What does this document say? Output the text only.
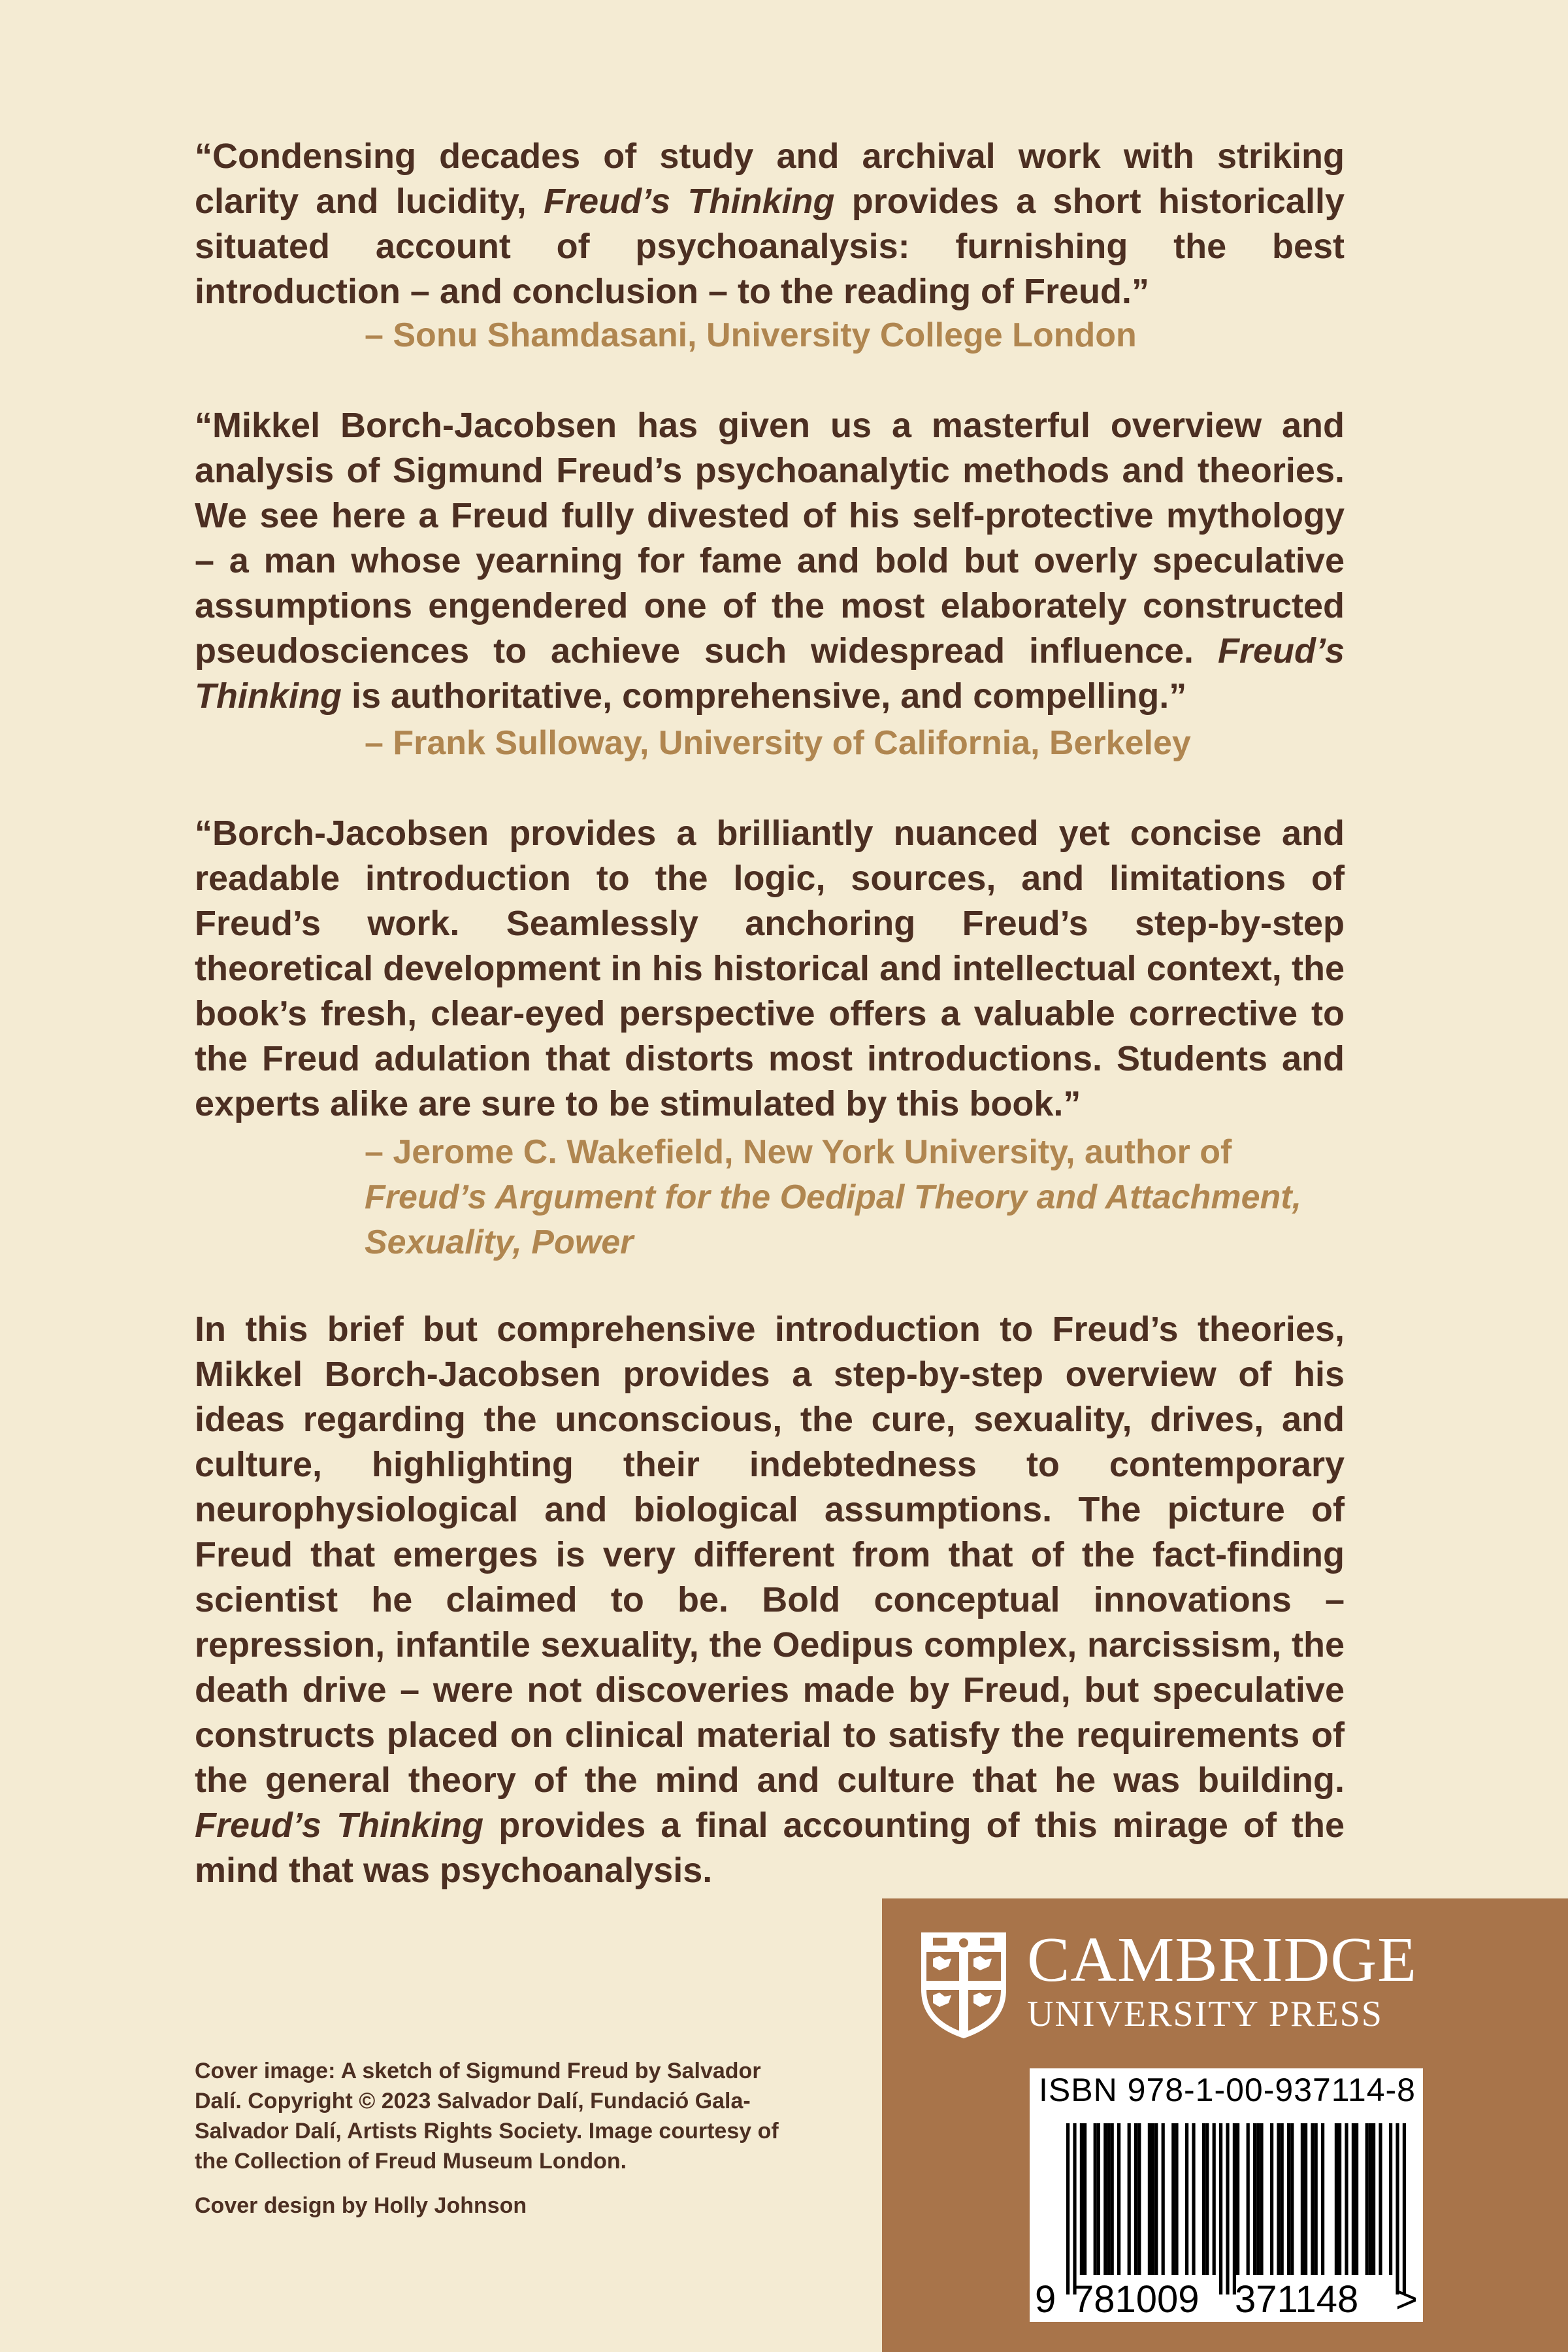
“Condensing decades of study and archival work with striking clarity and lucidity, Freud’s Thinking provides a short historically situated account of psychoanalysis: furnishing the best introduction – and conclusion – to the reading of Freud.”

– Sonu Shamdasani, University College London

“Mikkel Borch-Jacobsen has given us a masterful overview and analysis of Sigmund Freud’s psychoanalytic methods and theories. We see here a Freud fully divested of his self-protective mythology – a man whose yearning for fame and bold but overly speculative assumptions engendered one of the most elaborately constructed pseudosciences to achieve such widespread influence. Freud’s Thinking is authoritative, comprehensive, and compelling.”

– Frank Sulloway, University of California, Berkeley

“Borch-Jacobsen provides a brilliantly nuanced yet concise and readable introduction to the logic, sources, and limitations of Freud’s work. Seamlessly anchoring Freud’s step-by-step theoretical development in his historical and intellectual context, the book’s fresh, clear-eyed perspective offers a valuable corrective to the Freud adulation that distorts most introductions. Students and experts alike are sure to be stimulated by this book.”

– Jerome C. Wakefield, New York University, author of
Freud’s Argument for the Oedipal Theory and Attachment,
Sexuality, Power
In this brief but comprehensive introduction to Freud’s theories, Mikkel Borch-Jacobsen provides a step-by-step overview of his ideas regarding the unconscious, the cure, sexuality, drives, and culture, highlighting their indebtedness to contemporary neurophysiological and biological assumptions. The picture of Freud that emerges is very different from that of the fact-finding scientist he claimed to be. Bold conceptual innovations – repression, infantile sexuality, the Oedipus complex, narcissism, the death drive – were not discoveries made by Freud, but speculative constructs placed on clinical material to satisfy the requirements of the general theory of the mind and culture that he was building. Freud’s Thinking provides a final accounting of this mirage of the mind that was psychoanalysis.

Cover image: A sketch of Sigmund Freud by Salvador Dalí. Copyright © 2023 Salvador Dalí, Fundació Gala-Salvador Dalí, Artists Rights Society. Image courtesy of the Collection of Freud Museum London.

Cover design by Holly Johnson

CAMBRIDGE
UNIVERSITY PRESS
ISBN 978-1-00-937114-8
9 781009 371148 >
